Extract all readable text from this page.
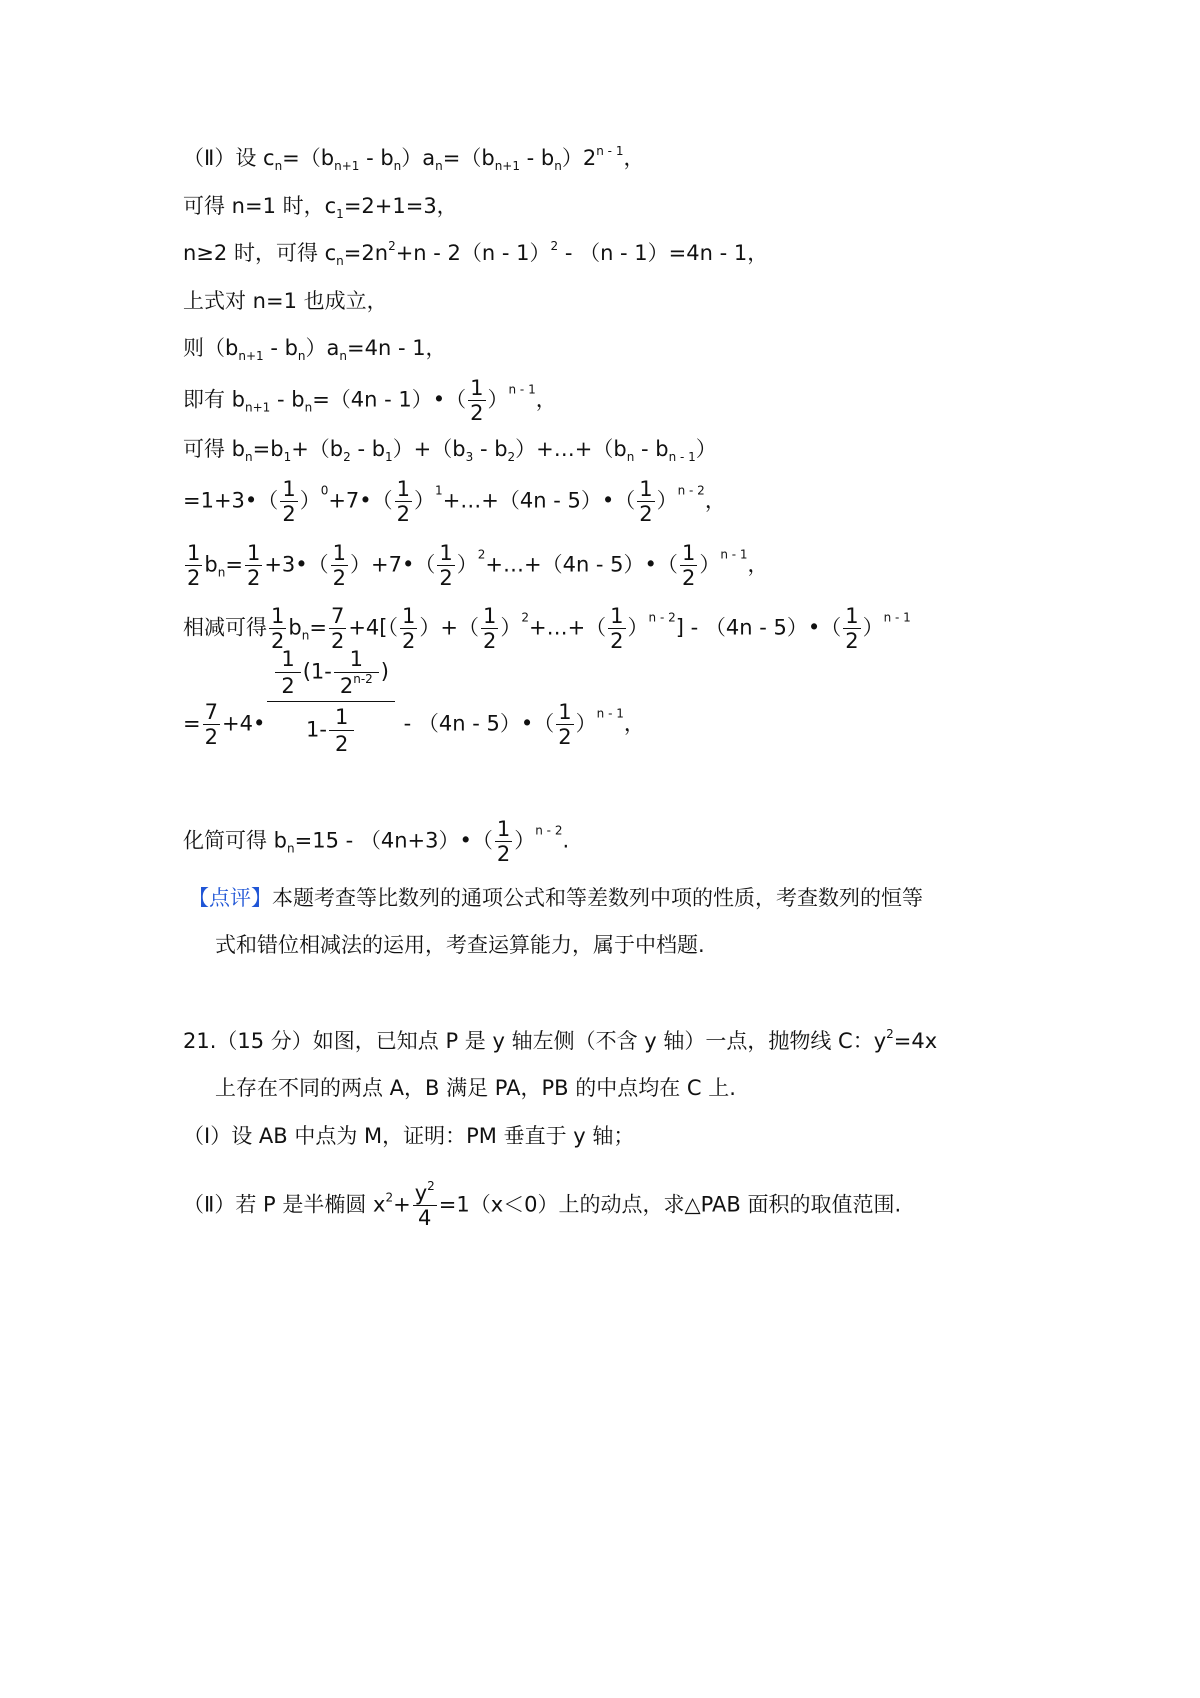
（Ⅱ）设 $c_n=(b_{n+1} - b_n)a_n=(b_{n+1} - b_n)2^{n - 1}$，
可得 n=1 时，$c_1=2+1=3$，
n≥2 时，可得 $c_n=2n^2+n - 2(n - 1)^2 - (n - 1)=4n - 1$，
上式对 n=1 也成立，
则$(b_{n+1} - b_n)a_n=4n - 1$，
即有 $b_{n+1} - b_n=(4n$ - 1）•（ $\frac{1}{2} )^{n - 1}$，
可得 $b_n=b_1+(b_2 - b_1)+(b_3$ - $b_2)+\dots+(b_n - b_{n - 1})$
=1+3•（ $\frac{1}{2}$ ）$^0$+7•（ $\frac{1}{2}$ ）$^1$+…+（4n - 5）•（ $\frac{1}{2} )^{n - 2}$，
$\frac{1}{2} b_n= \frac{1}{2}$ +3•（ $\frac{1}{2}$ ）+7•（ $\frac{1}{2}$ ）$^2$+…+（4n - 5）•（ $\frac{1}{2} )^{n - 1}$，
相减可得 $\frac{1}{2} b_n= \frac{7}{2} +4[( \frac{1}{2}$ ）+（ $\frac{1}{2}$ ）$^2$+…+（ $\frac{1}{2} )^{n - 2}] - (4n$ - 5）•（ $\frac{1}{2} )^{n - 1}$
= $\frac{7}{2}$ +4• $\frac{\frac{1}{2} (1- \frac{1}{2^{n-2}} )}{1- \frac{1}{2}} - (4n$ - 5）•（ $\frac{1}{2} )^{n - 1}$，
化简可得 $b_n=15$ - （4n+3）•（ $\frac{1}{2} )^{n - 2}$.
【点评】本题考查等比数列的通项公式和等差数列中项的性质，考查数列的恒等
式和错位相减法的运用，考查运算能力，属于中档题.
21.（15 分）如图，已知点 P 是 y 轴左侧（不含 y 轴）一点，抛物线 C：$y^2=4x$
上存在不同的两点 A，B 满足 PA，PB 的中点均在 C 上.
（Ⅰ）设 AB 中点为 M，证明：PM 垂直于 y 轴；
（Ⅱ）若 P 是半椭圆 $x^2+ \frac{y^2}{4} =1(x<0)$上的动点，求△PAB 面积的取值范围.
